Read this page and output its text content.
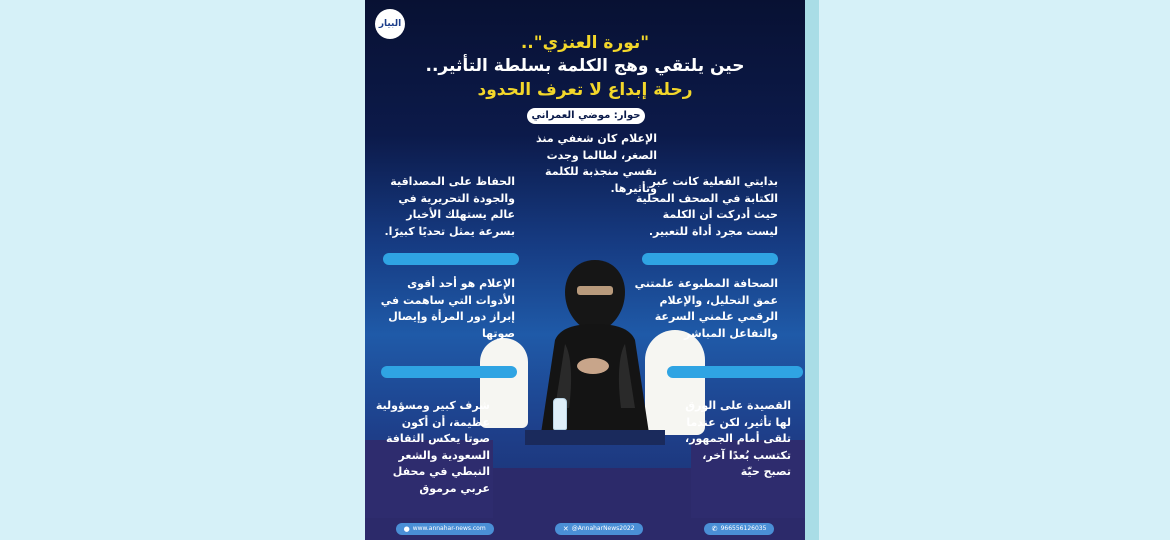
البيار
"نورة العنزي"..
حين يلتقي وهج الكلمة بسلطة التأثير..
رحلة إبداع لا تعرف الحدود
حوار: موضي العمراني
الإعلام كان شغفي منذ الصغر، لطالما وجدت نفسي منجذبة للكلمة وتأثيرها.
الحفاظ على المصداقية والجودة التحريرية في عالم يستهلك الأخبار بسرعة يمثل تحديًا كبيرًا.
بدايتي الفعلية كانت عبر الكتابة في الصحف المحلية حيث أدركت أن الكلمة ليست مجرد أداة للتعبير.
الإعلام هو أحد أقوى الأدوات التي ساهمت في إبراز دور المرأة وإيصال صوتها
الصحافة المطبوعة علمتني عمق التحليل، والإعلام الرقمي علمني السرعة والتفاعل المباشر
شرف كبير ومسؤولية عظيمة، أن أكون صوتا يعكس الثقافة السعودية والشعر النبطي في محفل عربي مرموق
القصيدة على الورق لها تأثير، لكن عندما تلقى أمام الجمهور، تكتسب بُعدًا آخر، تصبح حيّة
● www.annahar-news.com	✕ @AnnaharNews2022	✆ 966556126035
